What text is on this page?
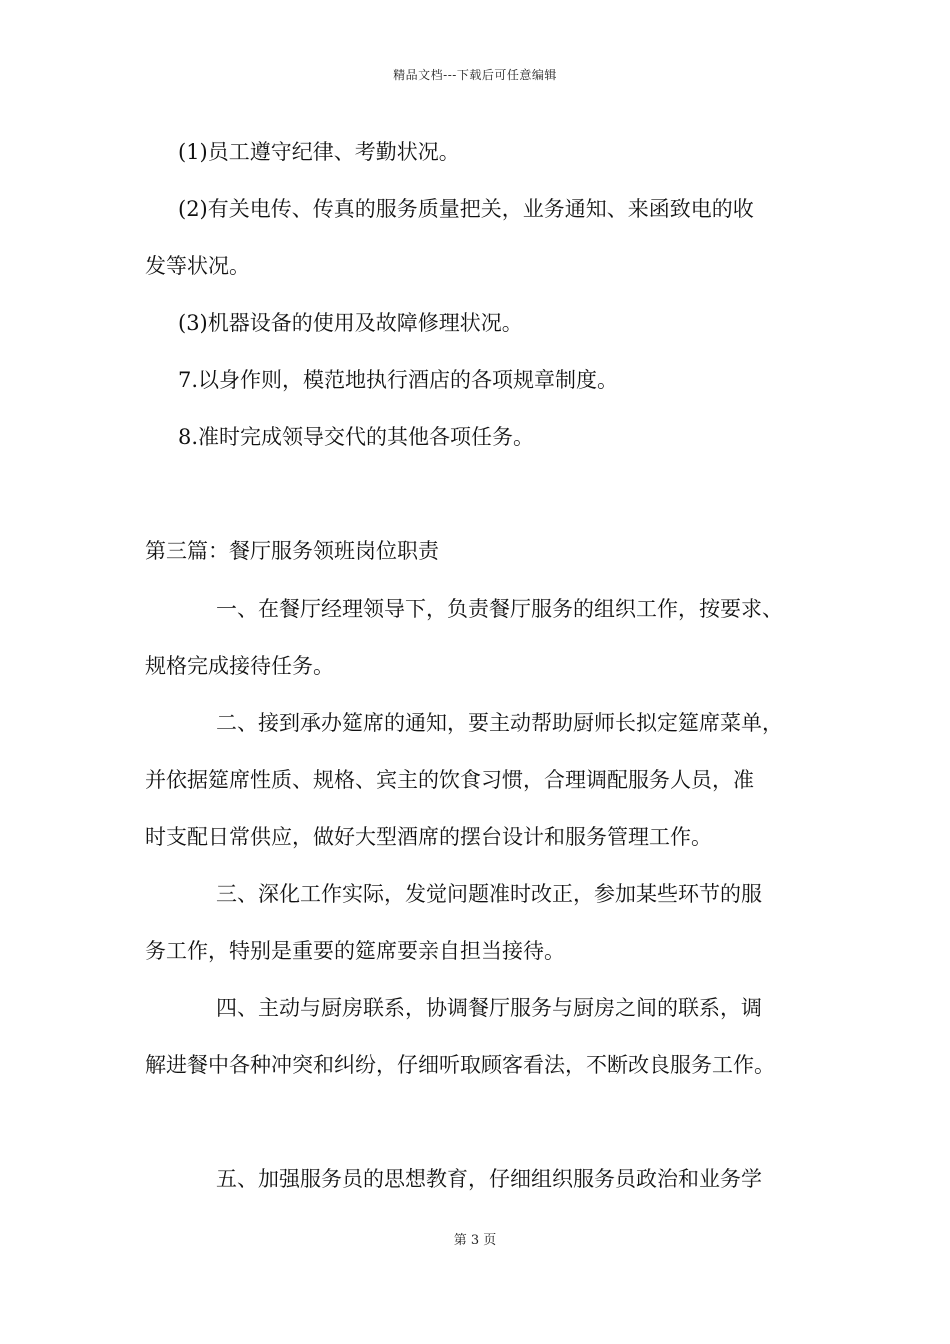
精品文档---下载后可任意编辑
(1)员工遵守纪律、考勤状况。
(2)有关电传、传真的服务质量把关，业务通知、来函致电的收
发等状况。
(3)机器设备的使用及故障修理状况。
7.以身作则，模范地执行酒店的各项规章制度。
8.准时完成领导交代的其他各项任务。
第三篇：餐厅服务领班岗位职责
一、在餐厅经理领导下，负责餐厅服务的组织工作，按要求、
规格完成接待任务。
二、接到承办筵席的通知，要主动帮助厨师长拟定筵席菜单，
并依据筵席性质、规格、宾主的饮食习惯，合理调配服务人员，准
时支配日常供应，做好大型酒席的摆台设计和服务管理工作。
三、深化工作实际，发觉问题准时改正，参加某些环节的服
务工作，特别是重要的筵席要亲自担当接待。
四、主动与厨房联系，协调餐厅服务与厨房之间的联系，调
解进餐中各种冲突和纠纷，仔细听取顾客看法，不断改良服务工作。
五、加强服务员的思想教育，仔细组织服务员政治和业务学
第 3 页
